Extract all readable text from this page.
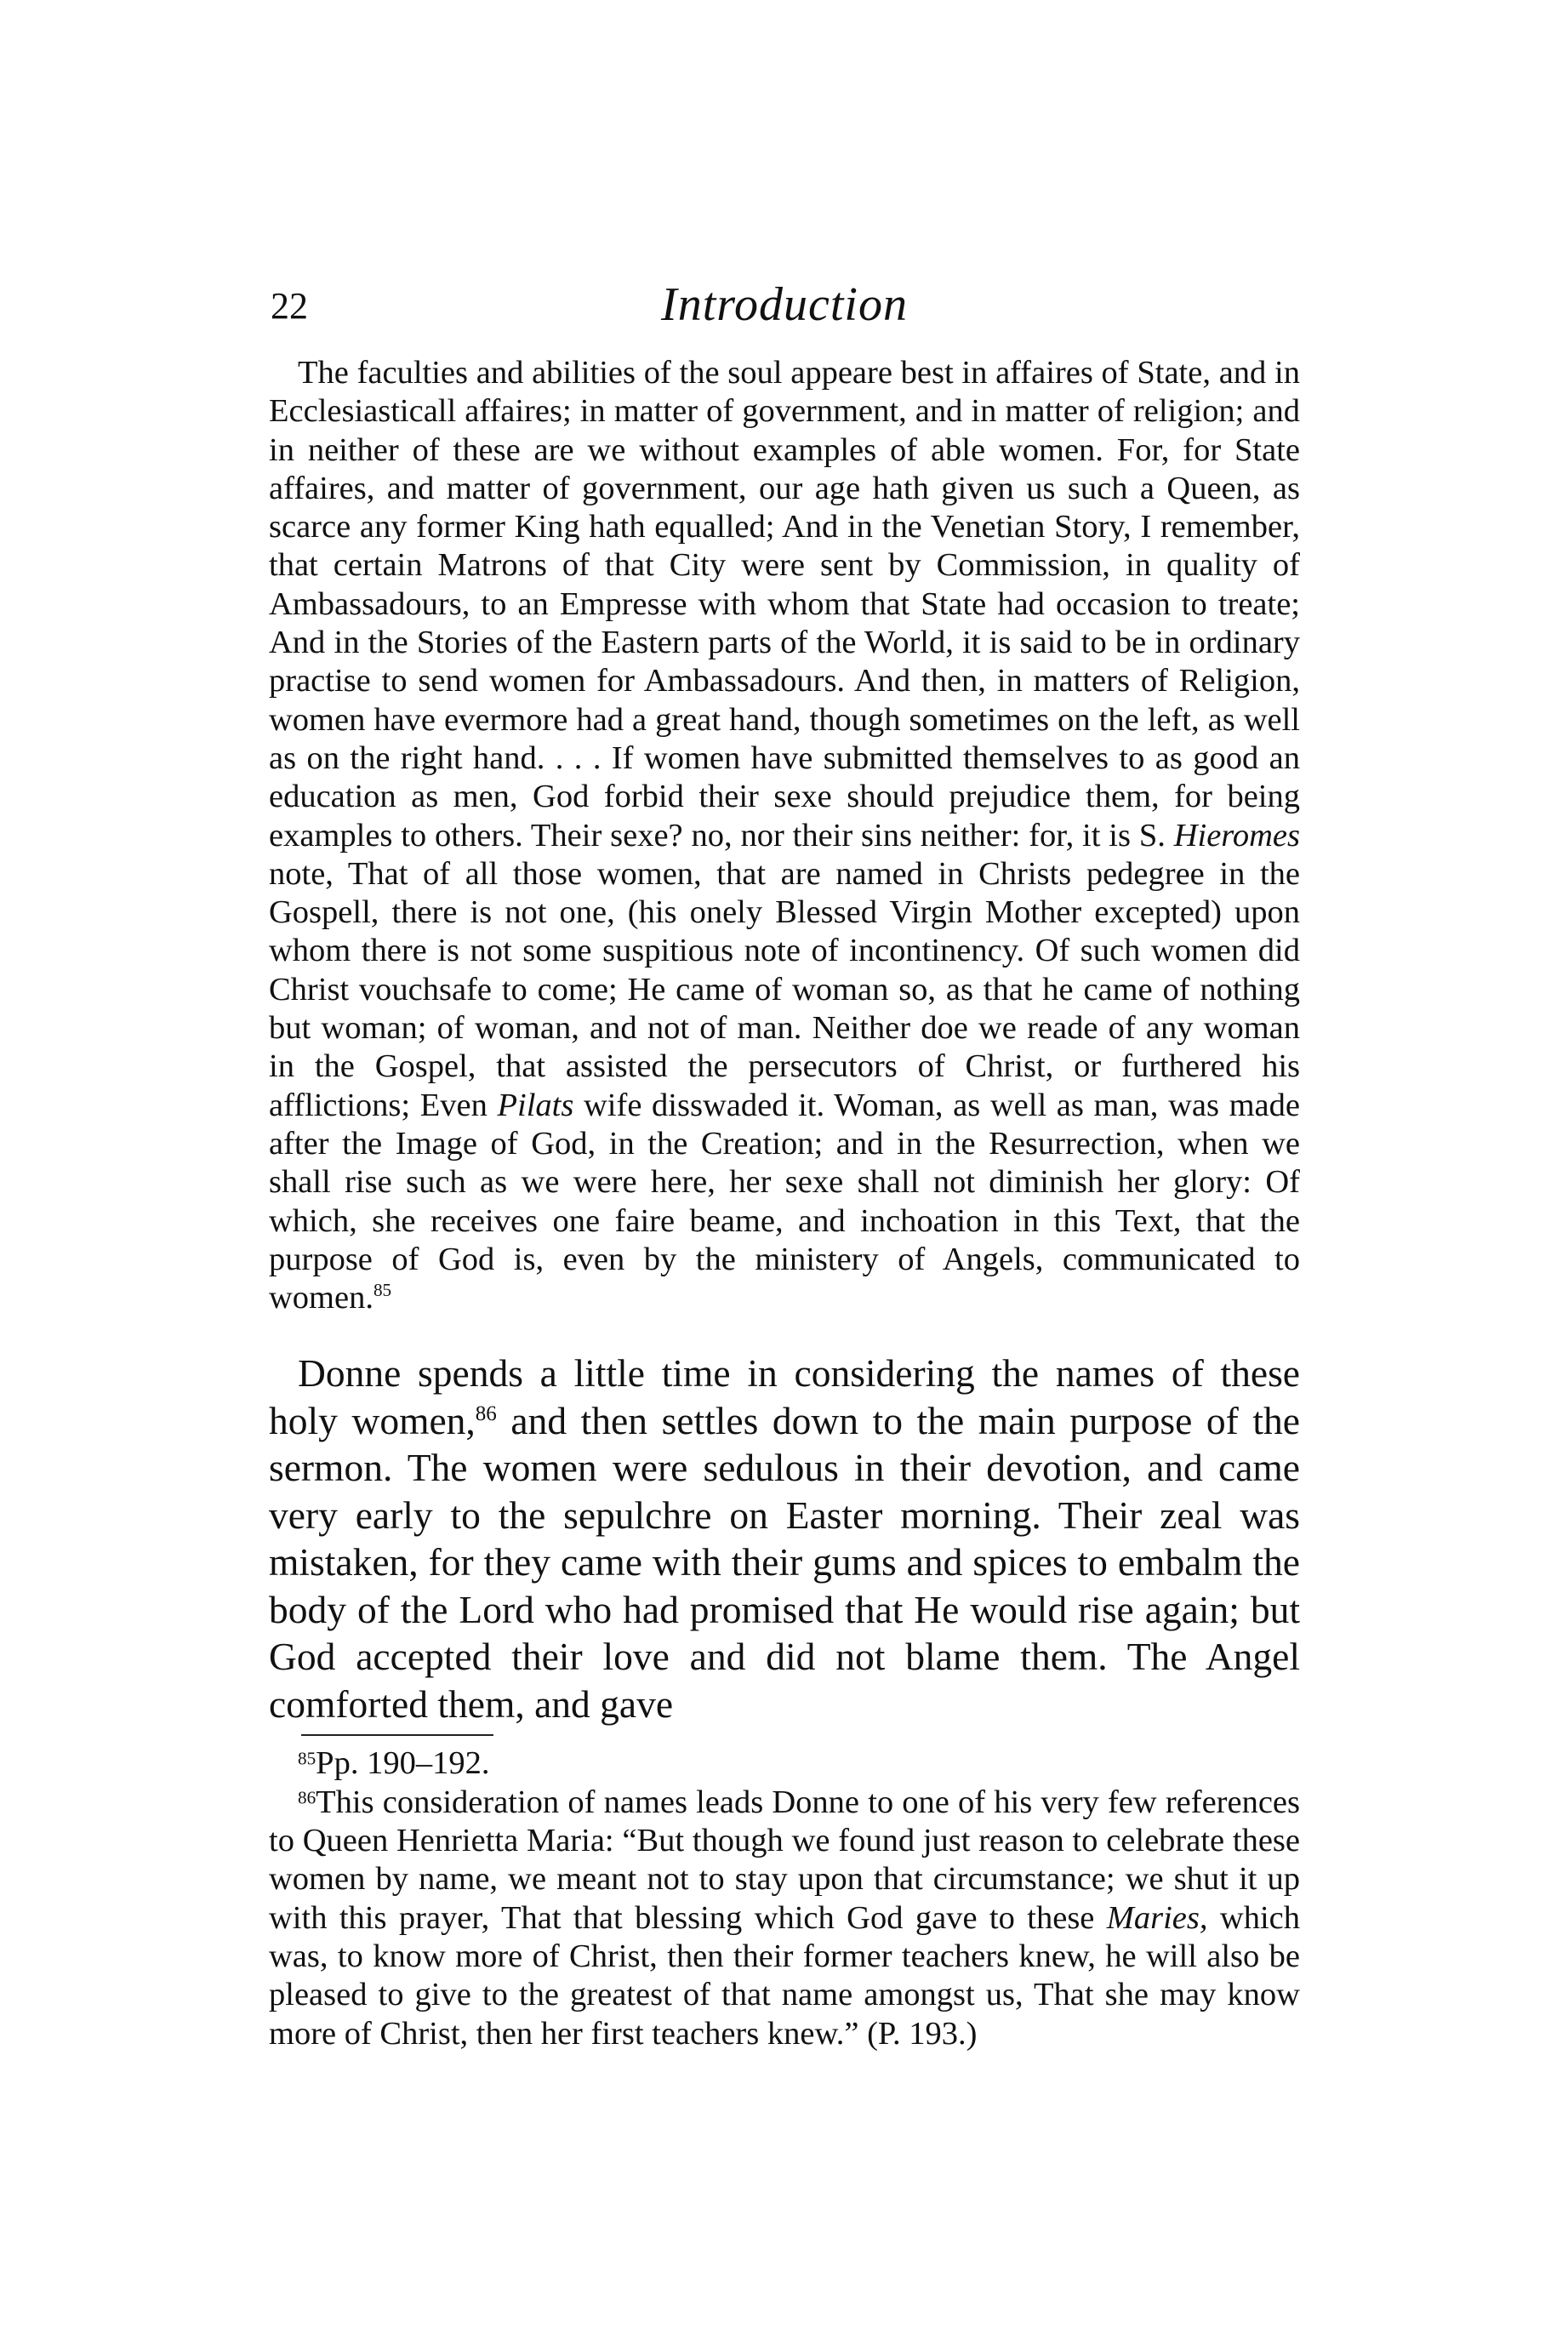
22	Introduction

The faculties and abilities of the soul appeare best in affaires of State, and in Ecclesiasticall affaires; in matter of government, and in matter of religion; and in neither of these are we without examples of able women. For, for State affaires, and matter of government, our age hath given us such a Queen, as scarce any former King hath equalled; And in the Venetian Story, I remember, that certain Matrons of that City were sent by Commission, in quality of Ambassadours, to an Empresse with whom that State had occasion to treate; And in the Stories of the Eastern parts of the World, it is said to be in ordinary practise to send women for Ambassadours. And then, in matters of Religion, women have evermore had a great hand, though sometimes on the left, as well as on the right hand. . . . If women have submitted themselves to as good an education as men, God forbid their sexe should prejudice them, for being examples to others. Their sexe? no, nor their sins neither: for, it is S. Hieromes note, That of all those women, that are named in Christs pedegree in the Gospell, there is not one, (his onely Blessed Virgin Mother excepted) upon whom there is not some suspitious note of incontinency. Of such women did Christ vouchsafe to come; He came of woman so, as that he came of nothing but woman; of woman, and not of man. Neither doe we reade of any woman in the Gospel, that assisted the persecutors of Christ, or furthered his afflictions; Even Pilats wife disswaded it. Woman, as well as man, was made after the Image of God, in the Creation; and in the Resurrection, when we shall rise such as we were here, her sexe shall not diminish her glory: Of which, she receives one faire beame, and inchoation in this Text, that the purpose of God is, even by the ministery of Angels, communicated to women.$^{85}$

Donne spends a little time in considering the names of these holy women,$^{86}$ and then settles down to the main purpose of the sermon. The women were sedulous in their devotion, and came very early to the sepulchre on Easter morning. Their zeal was mistaken, for they came with their gums and spices to embalm the body of the Lord who had promised that He would rise again; but God accepted their love and did not blame them. The Angel comforted them, and gave

$^{85}$Pp. 190–192.

$^{86}$This consideration of names leads Donne to one of his very few references to Queen Henrietta Maria: “But though we found just reason to celebrate these women by name, we meant not to stay upon that circumstance; we shut it up with this prayer, That that blessing which God gave to these Maries, which was, to know more of Christ, then their former teachers knew, he will also be pleased to give to the greatest of that name amongst us, That she may know more of Christ, then her first teachers knew.” (P. 193.)
